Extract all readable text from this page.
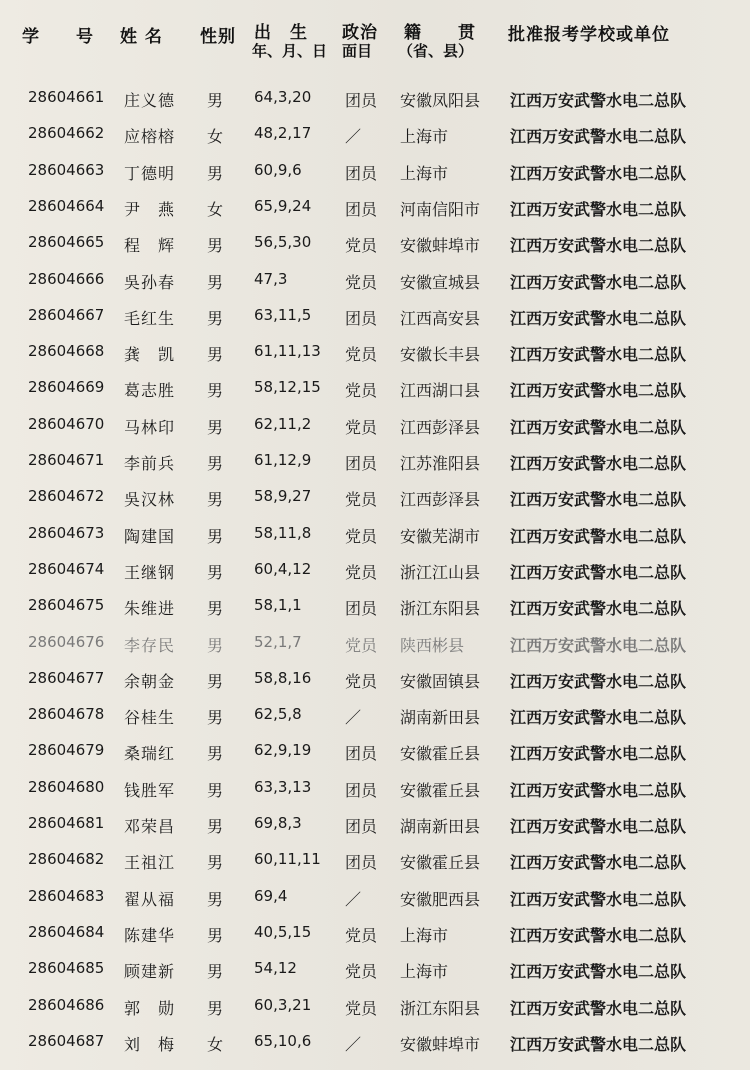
学　　号 姓 名 性别 出　生
年、月、日
政治
面目
籍　　贯
（省、县）
批准报考学校或单位
28604661 庄义德 男 64,3,20 团员 安徽凤阳县 江西万安武警水电二总队
28604662 应榕榕 女 48,2,17 ／ 上海市	江西万安武警水电二总队
28604663 丁德明 男 60,9,6	团员 上海市	江西万安武警水电二总队
28604664 尹　燕 女 65,9,24 团员 河南信阳市 江西万安武警水电二总队
28604665 程　辉 男 56,5,30 党员 安徽蚌埠市 江西万安武警水电二总队
28604666 吳孙春 男 47,3	党员 安徽宣城县 江西万安武警水电二总队
28604667 毛红生 男 63,11,5 团员 江西高安县 江西万安武警水电二总队
28604668 龚　凯 男 61,11,13 党员 安徽长丰县 江西万安武警水电二总队
28604669 葛志胜 男 58,12,15 党员 江西湖口县 江西万安武警水电二总队
28604670 马林印 男 62,11,2 党员 江西彭泽县 江西万安武警水电二总队
28604671 李前兵 男 61,12,9 团员 江苏淮阳县 江西万安武警水电二总队
28604672 吳汉林 男 58,9,27 党员 江西彭泽县 江西万安武警水电二总队
28604673 陶建国 男 58,11,8 党员 安徽芜湖市 江西万安武警水电二总队
28604674 王继钢 男 60,4,12 党员 浙江江山县 江西万安武警水电二总队
28604675 朱维进 男 58,1,1	团员 浙江东阳县 江西万安武警水电二总队
28604676 李存民 男 52,1,7	党员 陕西彬县	江西万安武警水电二总队
28604677 余朝金 男 58,8,16 党员 安徽固镇县 江西万安武警水电二总队
28604678 谷桂生 男 62,5,8	／ 湖南新田县 江西万安武警水电二总队
28604679 桑瑞红 男 62,9,19 团员 安徽霍丘县 江西万安武警水电二总队
28604680 钱胜军 男 63,3,13 团员 安徽霍丘县 江西万安武警水电二总队
28604681 邓荣昌 男 69,8,3	团员 湖南新田县 江西万安武警水电二总队
28604682 王祖江 男 60,11,11 团员 安徽霍丘县 江西万安武警水电二总队
28604683 翟从福 男 69,4	／ 安徽肥西县 江西万安武警水电二总队
28604684 陈建华 男 40,5,15 党员 上海市	江西万安武警水电二总队
28604685 顾建新 男 54,12	党员 上海市	江西万安武警水电二总队
28604686 郭　勋 男 60,3,21 党员 浙江东阳县 江西万安武警水电二总队
28604687 刘　梅 女 65,10,6 ／ 安徽蚌埠市 江西万安武警水电二总队
